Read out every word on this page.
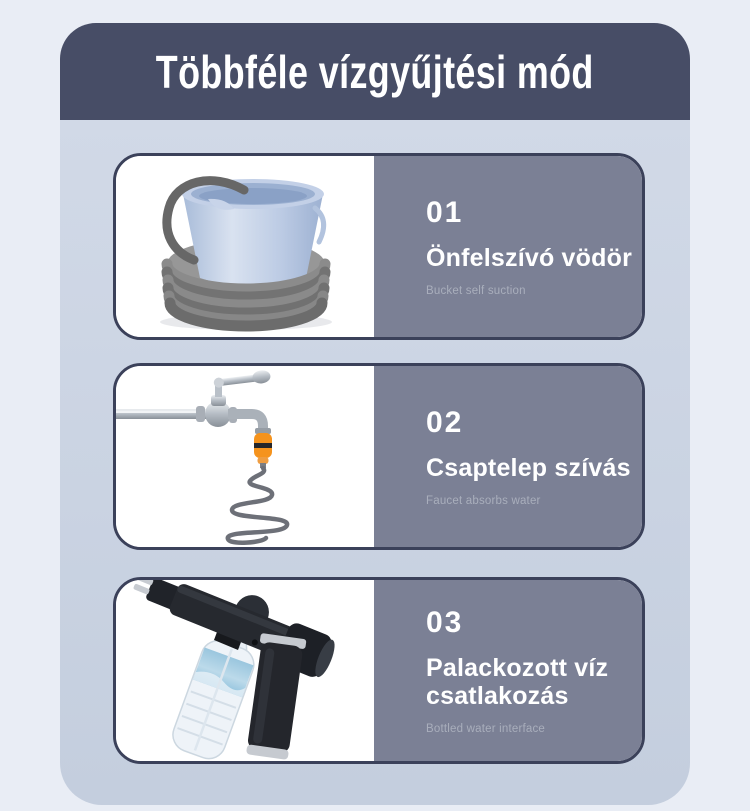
Többféle vízgyűjtési mód
01
Önfelszívó vödör
Bucket self suction
02
Csaptelep szívás
Faucet absorbs water
03
Palackozott víz csatlakozás
Bottled water interface
